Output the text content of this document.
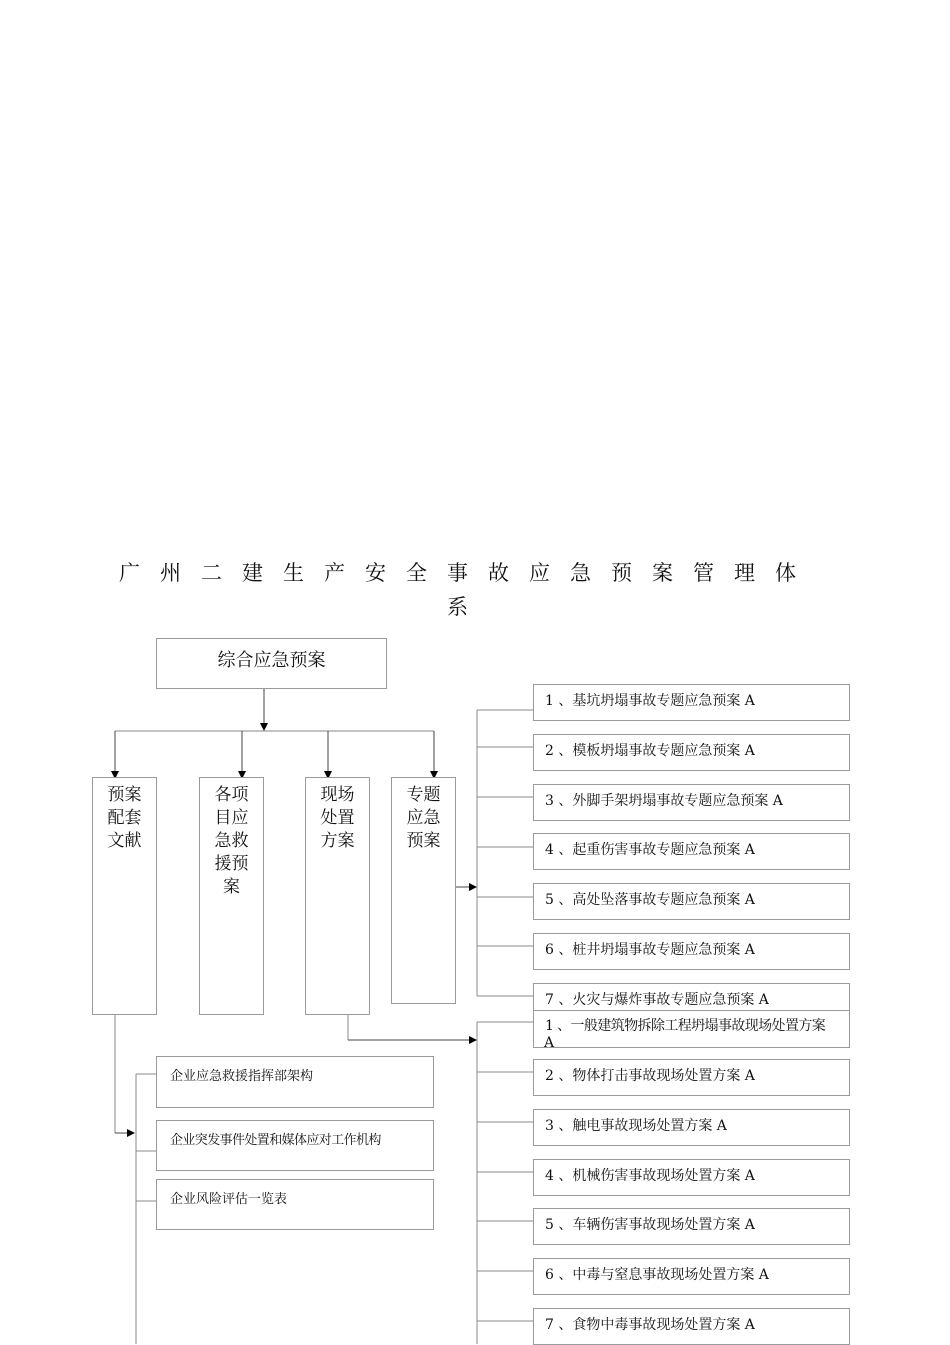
广州二建生产安全事故应急预案管理体
系
综合应急预案
预案
配套
文献
各项
目应
急救
援预
案
现场
处置
方案
专题
应急
预案
1 、基坑坍塌事故专题应急预案 A
2 、模板坍塌事故专题应急预案 A
3 、外脚手架坍塌事故专题应急预案 A
4 、起重伤害事故专题应急预案 A
5 、高处坠落事故专题应急预案 A
6 、桩井坍塌事故专题应急预案 A
7 、火灾与爆炸事故专题应急预案 A
1 、一般建筑物拆除工程坍塌事故现场处置方案
A
2 、物体打击事故现场处置方案 A
3 、触电事故现场处置方案 A
4 、机械伤害事故现场处置方案 A
5 、车辆伤害事故现场处置方案 A
6 、中毒与窒息事故现场处置方案 A
7 、食物中毒事故现场处置方案 A
企业应急救援指挥部架构
企业突发事件处置和媒体应对工作机构
企业风险评估一览表
